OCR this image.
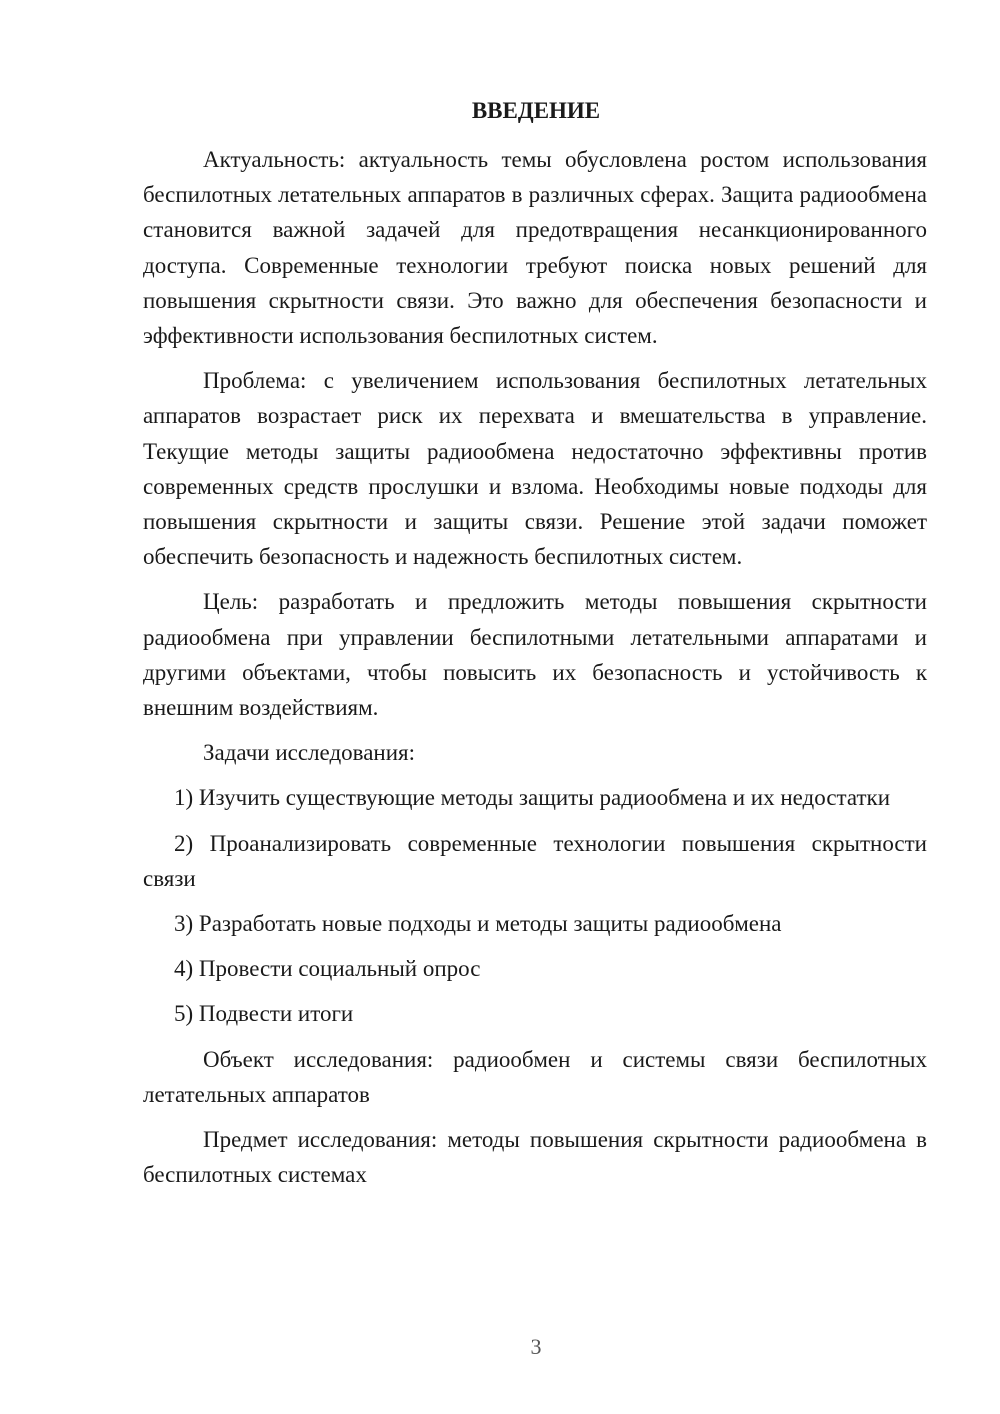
ВВЕДЕНИЕ

Актуальность: актуальность темы обусловлена ростом использования беспилотных летательных аппаратов в различных сферах. Защита радиообмена становится важной задачей для предотвращения несанкционированного доступа. Современные технологии требуют поиска новых решений для повышения скрытности связи. Это важно для обеспечения безопасности и эффективности использования беспилотных систем.

Проблема: с увеличением использования беспилотных летательных аппаратов возрастает риск их перехвата и вмешательства в управление. Текущие методы защиты радиообмена недостаточно эффективны против современных средств прослушки и взлома. Необходимы новые подходы для повышения скрытности и защиты связи. Решение этой задачи поможет обеспечить безопасность и надежность беспилотных систем.

Цель: разработать и предложить методы повышения скрытности радиообмена при управлении беспилотными летательными аппаратами и другими объектами, чтобы повысить их безопасность и устойчивость к внешним воздействиям.

Задачи исследования:

1) Изучить существующие методы защиты радиообмена и их недостатки

2) Проанализировать современные технологии повышения скрытности связи

3) Разработать новые подходы и методы защиты радиообмена

4) Провести социальный опрос

5) Подвести итоги

Объект исследования: радиообмен и системы связи беспилотных летательных аппаратов

Предмет исследования: методы повышения скрытности радиообмена в беспилотных системах

3
